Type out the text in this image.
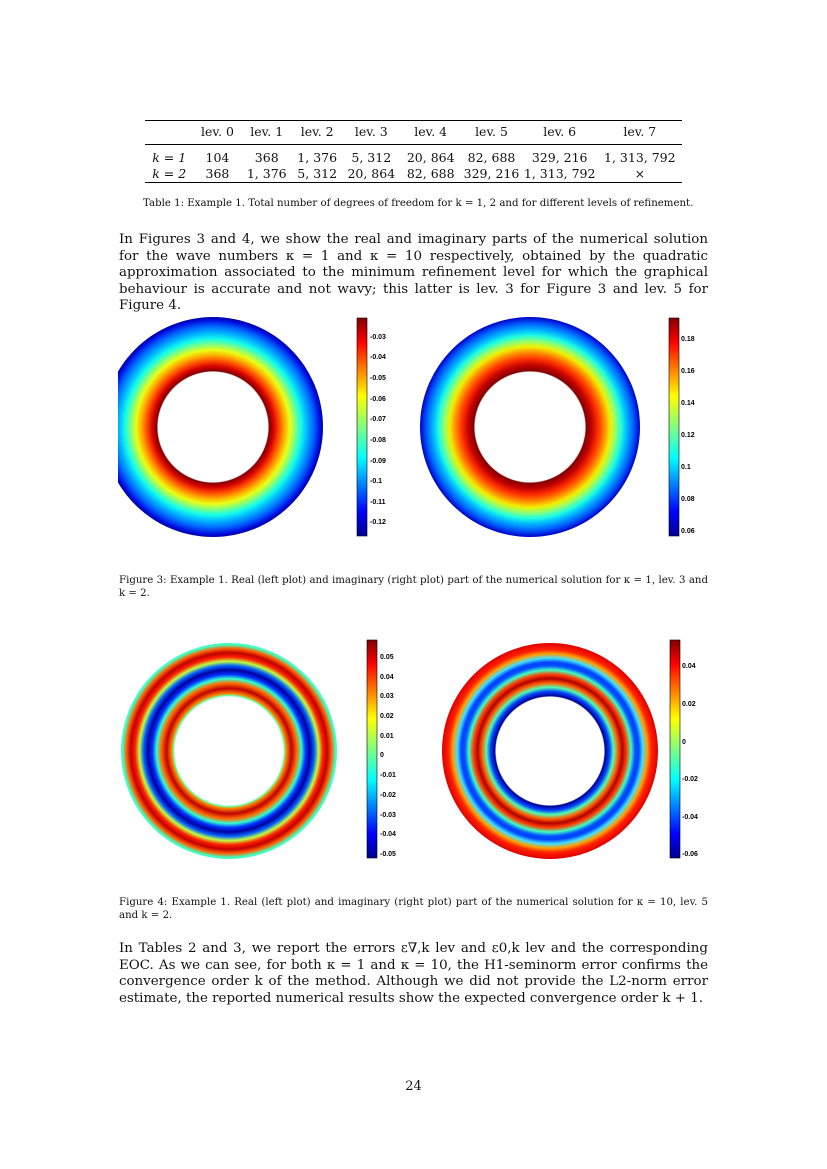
	lev. 0	lev. 1	lev. 2	lev. 3	lev. 4	lev. 5	lev. 6	lev. 7
k = 1	104	368	1, 376	5, 312	20, 864	82, 688	329, 216	1, 313, 792
k = 2	368	1, 376	5, 312	20, 864	82, 688	329, 216	1, 313, 792	×
Table 1: Example 1. Total number of degrees of freedom for k = 1, 2 and for different levels of refinement.
In Figures 3 and 4, we show the real and imaginary parts of the numerical solution for the wave numbers κ = 1 and κ = 10 respectively, obtained by the quadratic approximation associated to the minimum refinement level for which the graphical behaviour is accurate and not wavy; this latter is lev. 3 for Figure 3 and lev. 5 for Figure 4.
-0.03
-0.04
-0.05
-0.06
-0.07
-0.08
-0.09
-0.1
-0.11
-0.12
0.18
0.16
0.14
0.12
0.1
0.08
0.06
Figure 3: Example 1. Real (left plot) and imaginary (right plot) part of the numerical solution for κ = 1, lev. 3 and k = 2.
0.05
0.04
0.03
0.02
0.01
0
-0.01
-0.02
-0.03
-0.04
-0.05
0.04
0.02
0
-0.02
-0.04
-0.06
Figure 4: Example 1. Real (left plot) and imaginary (right plot) part of the numerical solution for κ = 10, lev. 5 and k = 2.
In Tables 2 and 3, we report the errors ε∇,k lev and ε0,k lev and the corresponding EOC. As we can see, for both κ = 1 and κ = 10, the H1-seminorm error confirms the convergence order k of the method. Although we did not provide the L2-norm error estimate, the reported numerical results show the expected convergence order k + 1.
24
